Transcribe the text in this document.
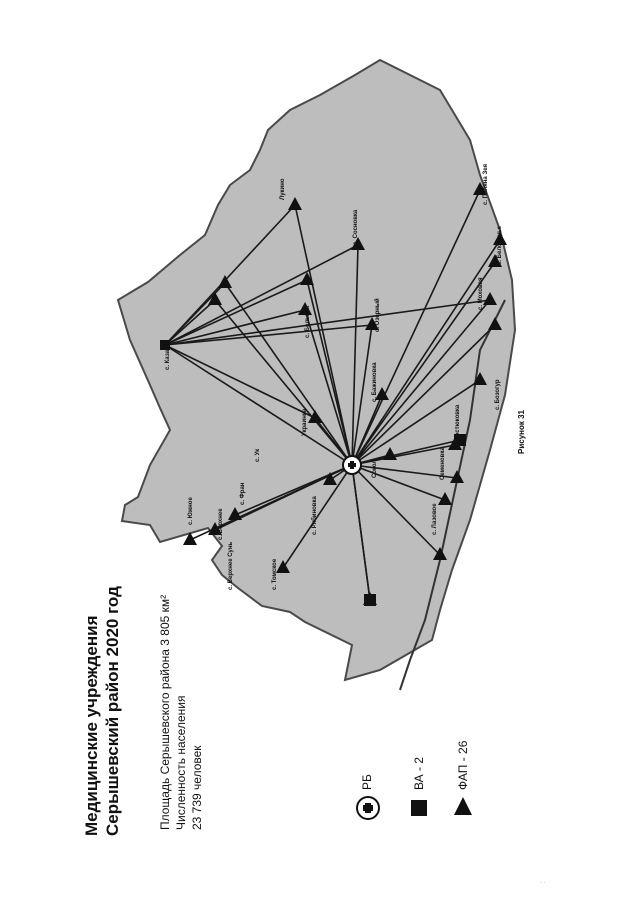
Медицинские учреждения Серышевский район 2020 год	Площадь Серышевского района 3 805 км² Численность населения 23 739 человек	РБ	ВА - 2	ФАП - 26
Рисунок 31
с. Казанка
с. Верхнее Сунь
Украинка
с. Ук
с. Фран
Сокол
с. Бельник	с. Озерный
с. Бажиновка
с. Сосновка
Лукино
с. Рябиновка	с. Лазовое
с. Бозогур
Семеновка
Костюковка
с. Поляна Зея
с. Белоручье
с. Моховая
с. Томское
с. Южное	с. Верхнее
· ·
